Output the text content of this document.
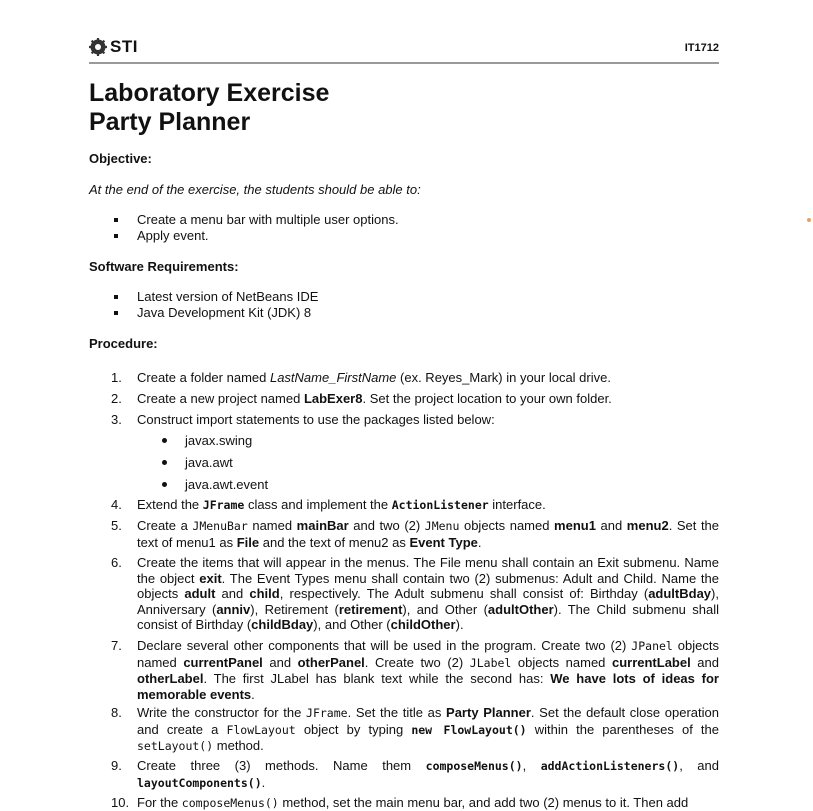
STI	IT1712
Laboratory Exercise
Party Planner
Objective:
At the end of the exercise, the students should be able to:
Create a menu bar with multiple user options.
Apply event.
Software Requirements:
Latest version of NetBeans IDE
Java Development Kit (JDK) 8
Procedure:
1. Create a folder named LastName_FirstName (ex. Reyes_Mark) in your local drive.
2. Create a new project named LabExer8. Set the project location to your own folder.
3. Construct import statements to use the packages listed below:
javax.swing
java.awt
java.awt.event
4. Extend the JFrame class and implement the ActionListener interface.
5. Create a JMenuBar named mainBar and two (2) JMenu objects named menu1 and menu2. Set the text of menu1 as File and the text of menu2 as Event Type.
6. Create the items that will appear in the menus. The File menu shall contain an Exit submenu. Name the object exit. The Event Types menu shall contain two (2) submenus: Adult and Child. Name the objects adult and child, respectively. The Adult submenu shall consist of: Birthday (adultBday), Anniversary (anniv), Retirement (retirement), and Other (adultOther). The Child submenu shall consist of Birthday (childBday), and Other (childOther).
7. Declare several other components that will be used in the program. Create two (2) JPanel objects named currentPanel and otherPanel. Create two (2) JLabel objects named currentLabel and otherLabel. The first JLabel has blank text while the second has: We have lots of ideas for memorable events.
8. Write the constructor for the JFrame. Set the title as Party Planner. Set the default close operation and create a FlowLayout object by typing new FlowLayout() within the parentheses of the setLayout() method.
9. Create three (3) methods. Name them composeMenus(), addActionListeners(), and layoutComponents().
10. For the composeMenus() method, set the main menu bar, and add two (2) menus to it. Then add
